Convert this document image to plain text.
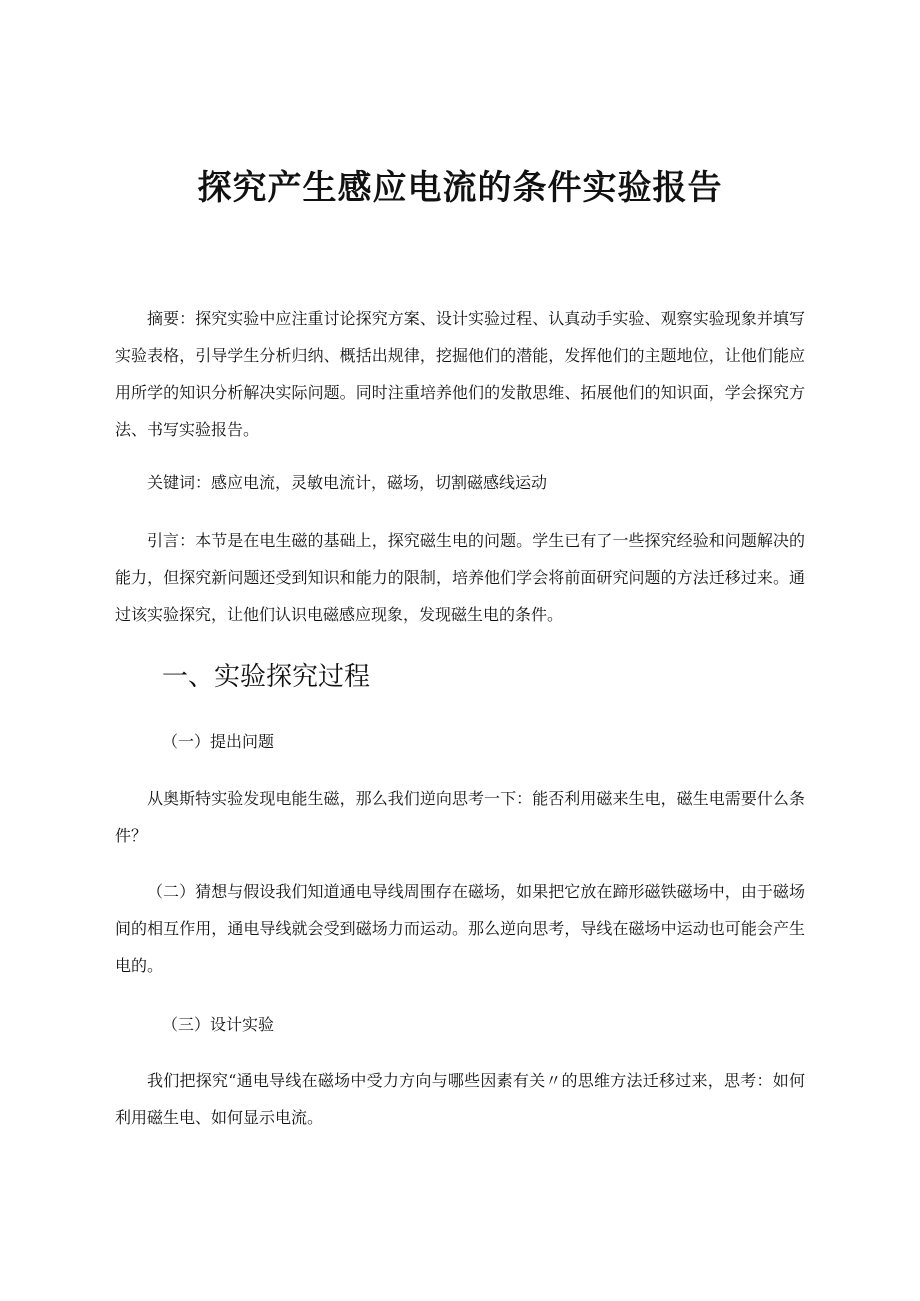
探究产生感应电流的条件实验报告

摘要：探究实验中应注重讨论探究方案、设计实验过程、认真动手实验、观察实验现象并填写实验表格，引导学生分析归纳、概括出规律，挖掘他们的潜能，发挥他们的主题地位，让他们能应用所学的知识分析解决实际问题。同时注重培养他们的发散思维、拓展他们的知识面，学会探究方法、书写实验报告。

关键词：感应电流，灵敏电流计，磁场，切割磁感线运动

引言：本节是在电生磁的基础上，探究磁生电的问题。学生已有了一些探究经验和问题解决的能力，但探究新问题还受到知识和能力的限制，培养他们学会将前面研究问题的方法迁移过来。通过该实验探究，让他们认识电磁感应现象，发现磁生电的条件。

一、实验探究过程

（一）提出问题

从奥斯特实验发现电能生磁，那么我们逆向思考一下：能否利用磁来生电，磁生电需要什么条件？

（二）猜想与假设我们知道通电导线周围存在磁场，如果把它放在蹄形磁铁磁场中，由于磁场间的相互作用，通电导线就会受到磁场力而运动。那么逆向思考，导线在磁场中运动也可能会产生电的。

（三）设计实验

我们把探究“通电导线在磁场中受力方向与哪些因素有关〃的思维方法迁移过来，思考：如何利用磁生电、如何显示电流。
